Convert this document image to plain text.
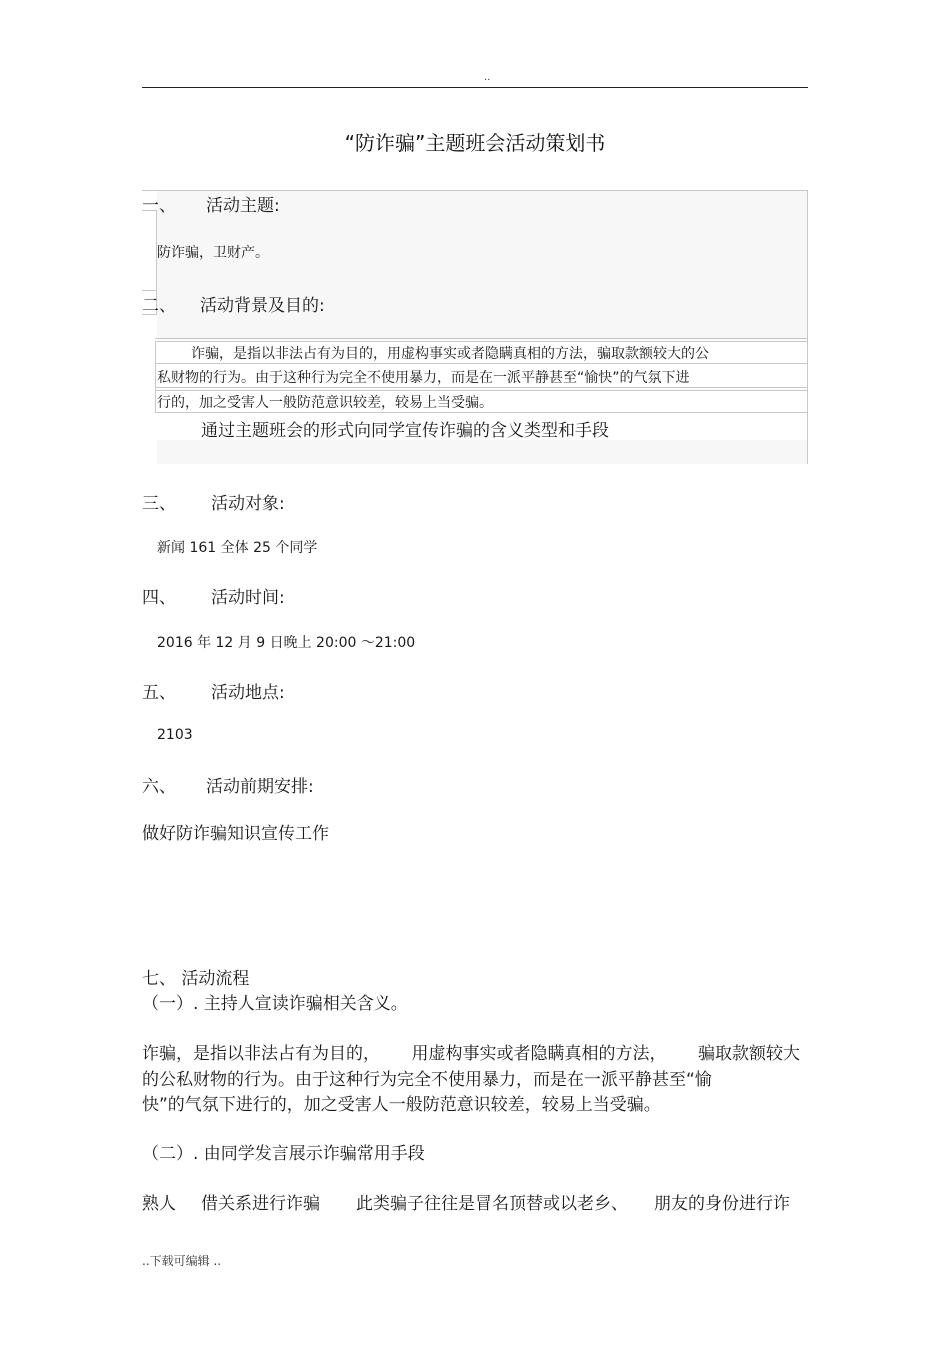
..
“防诈骗”主题班会活动策划书
一、 活动主题:
防诈骗，卫财产。
二、 活动背景及目的:
诈骗，是指以非法占有为目的，用虚构事实或者隐瞒真相的方法，骗取款额较大的公
私财物的行为。由于这种行为完全不使用暴力，而是在一派平静甚至“愉快”的气氛下进
行的，加之受害人一般防范意识较差，较易上当受骗。
通过主题班会的形式向同学宣传诈骗的含义类型和手段
三、 活动对象:
新闻 161 全体 25 个同学
四、 活动时间:
2016 年 12 月 9 日晚上 20:00 ～21:00
五、 活动地点:
2103
六、 活动前期安排:
做好防诈骗知识宣传工作
七、 活动流程
（一）. 主持人宣读诈骗相关含义。
诈骗，是指以非法占有为目的， 用虚构事实或者隐瞒真相的方法， 骗取款额较大
的公私财物的行为。由于这种行为完全不使用暴力，而是在一派平静甚至“愉
快”的气氛下进行的，加之受害人一般防范意识较差，较易上当受骗。
（二）. 由同学发言展示诈骗常用手段
熟人 借关系进行诈骗 此类骗子往往是冒名顶替或以老乡、 朋友的身份进行诈
..下载可编辑 ..
